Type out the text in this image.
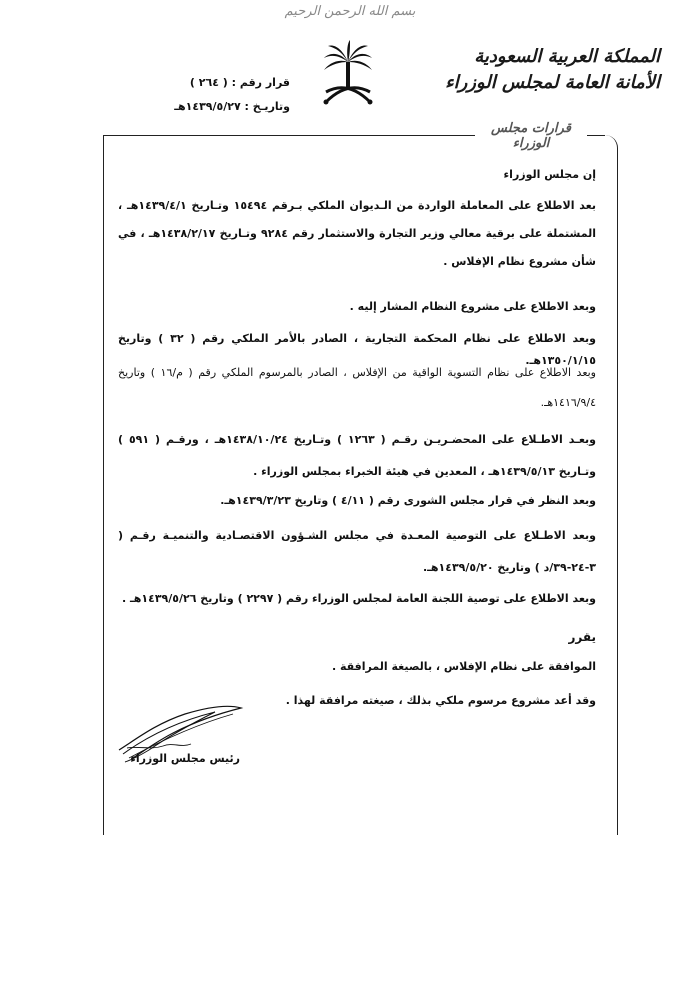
بسم الله الرحمن الرحيم
المملكة العربية السعودية
الأمانة العامة لمجلس الوزراء
قرار رقم : ( ٢٦٤ )
وتاريـخ : ١٤٣٩/٥/٢٧هـ
قرارات مجلس الوزراء

إن مجلس الوزراء

بعد الاطلاع على المعاملة الواردة من الـديوان الملكي بـرقم ١٥٤٩٤ وتـاريخ ١٤٣٩/٤/١هـ ، المشتملة على برقية معالي وزير التجارة والاستثمار رقم ٩٢٨٤ وتـاريخ ١٤٣٨/٢/١٧هـ ، في شأن مشروع نظام الإفلاس .

وبعد الاطلاع على مشروع النظام المشار إليه .

وبعد الاطلاع على نظام المحكمة التجارية ، الصادر بالأمر الملكي رقم ( ٣٢ ) وتاريخ ١٣٥٠/١/١٥هـ.

وبعد الاطلاع على نظام التسوية الواقية من الإفلاس ، الصادر بالمرسوم الملكي رقم ( م/١٦ ) وتاريخ ١٤١٦/٩/٤هـ.

وبعـد الاطـلاع على المحضـريـن رقـم ( ١٢٦٣ ) وتـاريخ ١٤٣٨/١٠/٢٤هـ ، ورقـم ( ٥٩١ ) وتـاريخ ١٤٣٩/٥/١٣هـ ، المعدين في هيئة الخبراء بمجلس الوزراء .

وبعد النظر في قرار مجلس الشورى رقم ( ٤/١١ ) وتاريخ ١٤٣٩/٣/٢٣هـ.

وبعد الاطـلاع على التوصية المعـدة في مجلس الشـؤون الاقتصـادية والتنميـة رقـم ( ٣-٢٤-٣٩/د ) وتاريخ ١٤٣٩/٥/٢٠هـ.

وبعد الاطلاع على توصية اللجنة العامة لمجلس الوزراء رقم ( ٢٢٩٧ ) وتاريخ ١٤٣٩/٥/٢٦هـ .

يقرر

الموافقة على نظام الإفلاس ، بالصيغة المرافقة .

وقد أعد مشروع مرسوم ملكي بذلك ، صيغته مرافقة لهذا .

رئيس مجلس الوزراء
